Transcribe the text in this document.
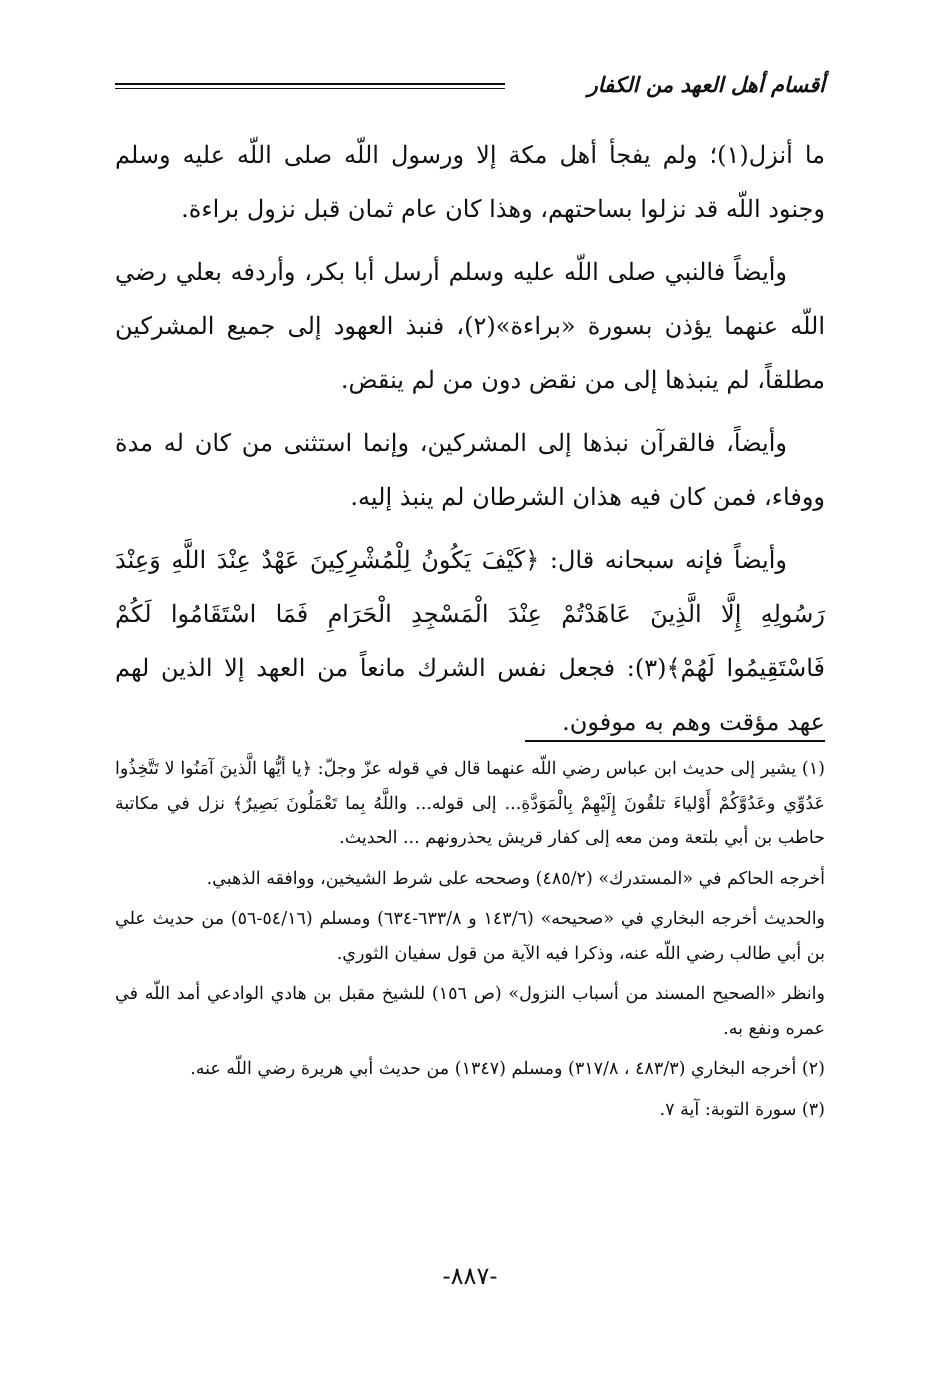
أقسام أهل العهد من الكفار

ما أنزل(١)؛ ولم يفجأ أهل مكة إلا ورسول اللّه صلى اللّه عليه وسلم وجنود اللّه قد نزلوا بساحتهم، وهذا كان عام ثمان قبل نزول براءة.

وأيضاً فالنبي صلى اللّه عليه وسلم أرسل أبا بكر، وأردفه بعلي رضي اللّه عنهما يؤذن بسورة «براءة»(٢)، فنبذ العهود إلى جميع المشركين مطلقاً، لم ينبذها إلى من نقض دون من لم ينقض.

وأيضاً، فالقرآن نبذها إلى المشركين، وإنما استثنى من كان له مدة ووفاء، فمن كان فيه هذان الشرطان لم ينبذ إليه.

وأيضاً فإنه سبحانه قال: ﴿كَيْفَ يَكُونُ لِلْمُشْرِكِينَ عَهْدٌ عِنْدَ اللَّهِ وَعِنْدَ رَسُولِهِ إِلَّا الَّذِينَ عَاهَدْتُمْ عِنْدَ الْمَسْجِدِ الْحَرَامِ فَمَا اسْتَقَامُوا لَكُمْ فَاسْتَقِيمُوا لَهُمْ﴾(٣): فجعل نفس الشرك مانعاً من العهد إلا الذين لهم عهد مؤقت وهم به موفون.

(١) يشير إلى حديث ابن عباس رضي اللّه عنهما قال في قوله عزّ وجلّ: ﴿يا أيُّها الَّذينَ آمَنُوا لا تَتَّخِذُوا عَدُوِّي وعَدُوَّكُمْ أَوْلياءَ تلقُونَ إِلَيْهِمْ بِالْمَوَدَّةِ... إلى قوله... واللَّهُ بِما تَعْمَلُونَ بَصِيرٌ﴾ نزل في مكاتبة حاطب بن أبي بلتعة ومن معه إلى كفار قريش يحذرونهم ... الحديث.

أخرجه الحاكم في «المستدرك» (٤٨٥/٢) وصححه على شرط الشيخين، ووافقه الذهبي.

والحديث أخرجه البخاري في «صحيحه» (١٤٣/٦ و ٦٣٣/٨-٦٣٤) ومسلم (٥٤/١٦-٥٦) من حديث علي بن أبي طالب رضي اللّه عنه، وذكرا فيه الآية من قول سفيان الثوري.

وانظر «الصحيح المسند من أسباب النزول» (ص ١٥٦) للشيخ مقبل بن هادي الوادعي أمد اللّه في عمره ونفع به.

(٢) أخرجه البخاري (٤٨٣/٣ ، ٣١٧/٨) ومسلم (١٣٤٧) من حديث أبي هريرة رضي اللّه عنه.

(٣) سورة التوبة: آية ٧.

-٨٨٧-
